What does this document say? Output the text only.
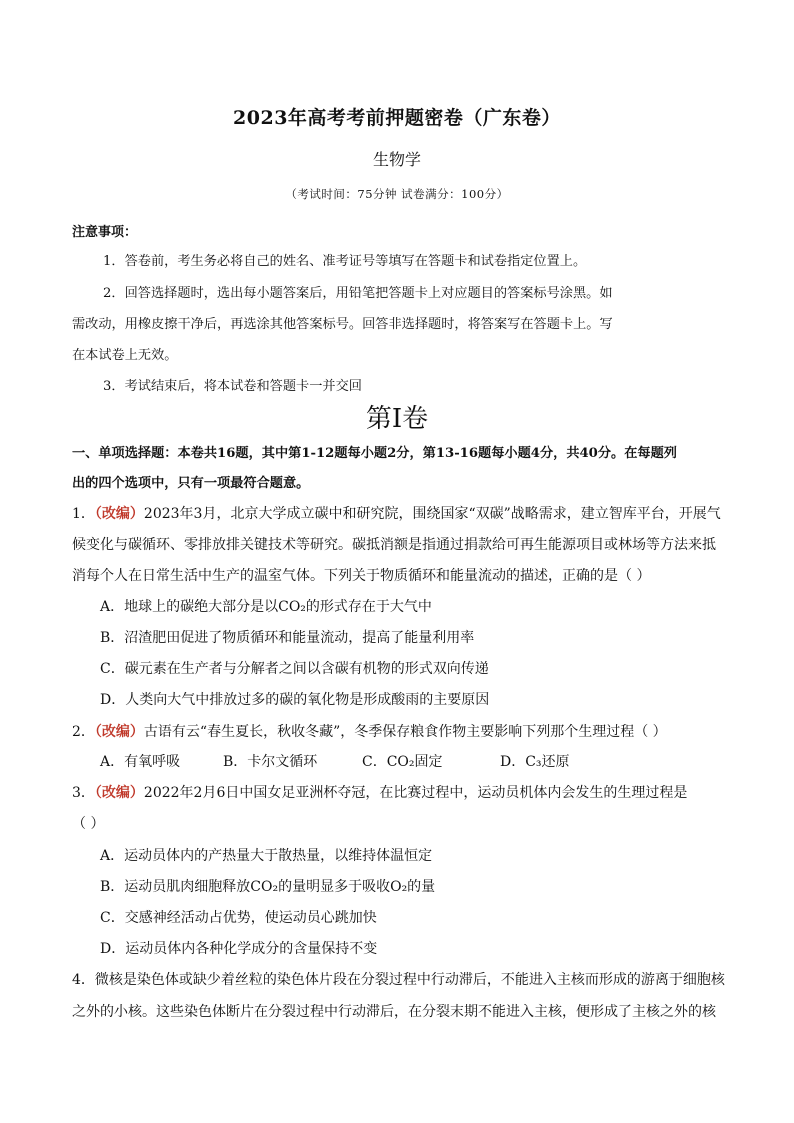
2023年高考考前押题密卷（广东卷）
生物学
（考试时间：75分钟 试卷满分：100分）
注意事项：
1．答卷前，考生务必将自己的姓名、准考证号等填写在答题卡和试卷指定位置上。
2．回答选择题时，选出每小题答案后，用铅笔把答题卡上对应题目的答案标号涂黑。如
需改动，用橡皮擦干净后，再选涂其他答案标号。回答非选择题时，将答案写在答题卡上。写
在本试卷上无效。
3．考试结束后，将本试卷和答题卡一并交回
第Ⅰ卷
一、单项选择题：本卷共16题，其中第1-12题每小题2分，第13-16题每小题4分，共40分。在每题列
出的四个选项中，只有一项最符合题意。
1．（改编）2023年3月，北京大学成立碳中和研究院，围绕国家“双碳”战略需求，建立智库平台，开展气
候变化与碳循环、零排放排关键技术等研究。碳抵消额是指通过捐款给可再生能源项目或林场等方法来抵
消每个人在日常生活中生产的温室气体。下列关于物质循环和能量流动的描述，正确的是（ ）
A．地球上的碳绝大部分是以CO₂的形式存在于大气中
B．沼渣肥田促进了物质循环和能量流动，提高了能量利用率
C．碳元素在生产者与分解者之间以含碳有机物的形式双向传递
D．人类向大气中排放过多的碳的氧化物是形成酸雨的主要原因
2．（改编）古语有云“春生夏长，秋收冬藏”，冬季保存粮食作物主要影响下列那个生理过程（ ）
A．有氧呼吸	B．卡尔文循环	C．CO₂固定	D．C₃还原
3．（改编）2022年2月6日中国女足亚洲杯夺冠，在比赛过程中，运动员机体内会发生的生理过程是
（ ）
A．运动员体内的产热量大于散热量，以维持体温恒定
B．运动员肌肉细胞释放CO₂的量明显多于吸收O₂的量
C．交感神经活动占优势，使运动员心跳加快
D．运动员体内各种化学成分的含量保持不变
4．微核是染色体或缺少着丝粒的染色体片段在分裂过程中行动滞后，不能进入主核而形成的游离于细胞核
之外的小核。这些染色体断片在分裂过程中行动滞后，在分裂末期不能进入主核，便形成了主核之外的核
